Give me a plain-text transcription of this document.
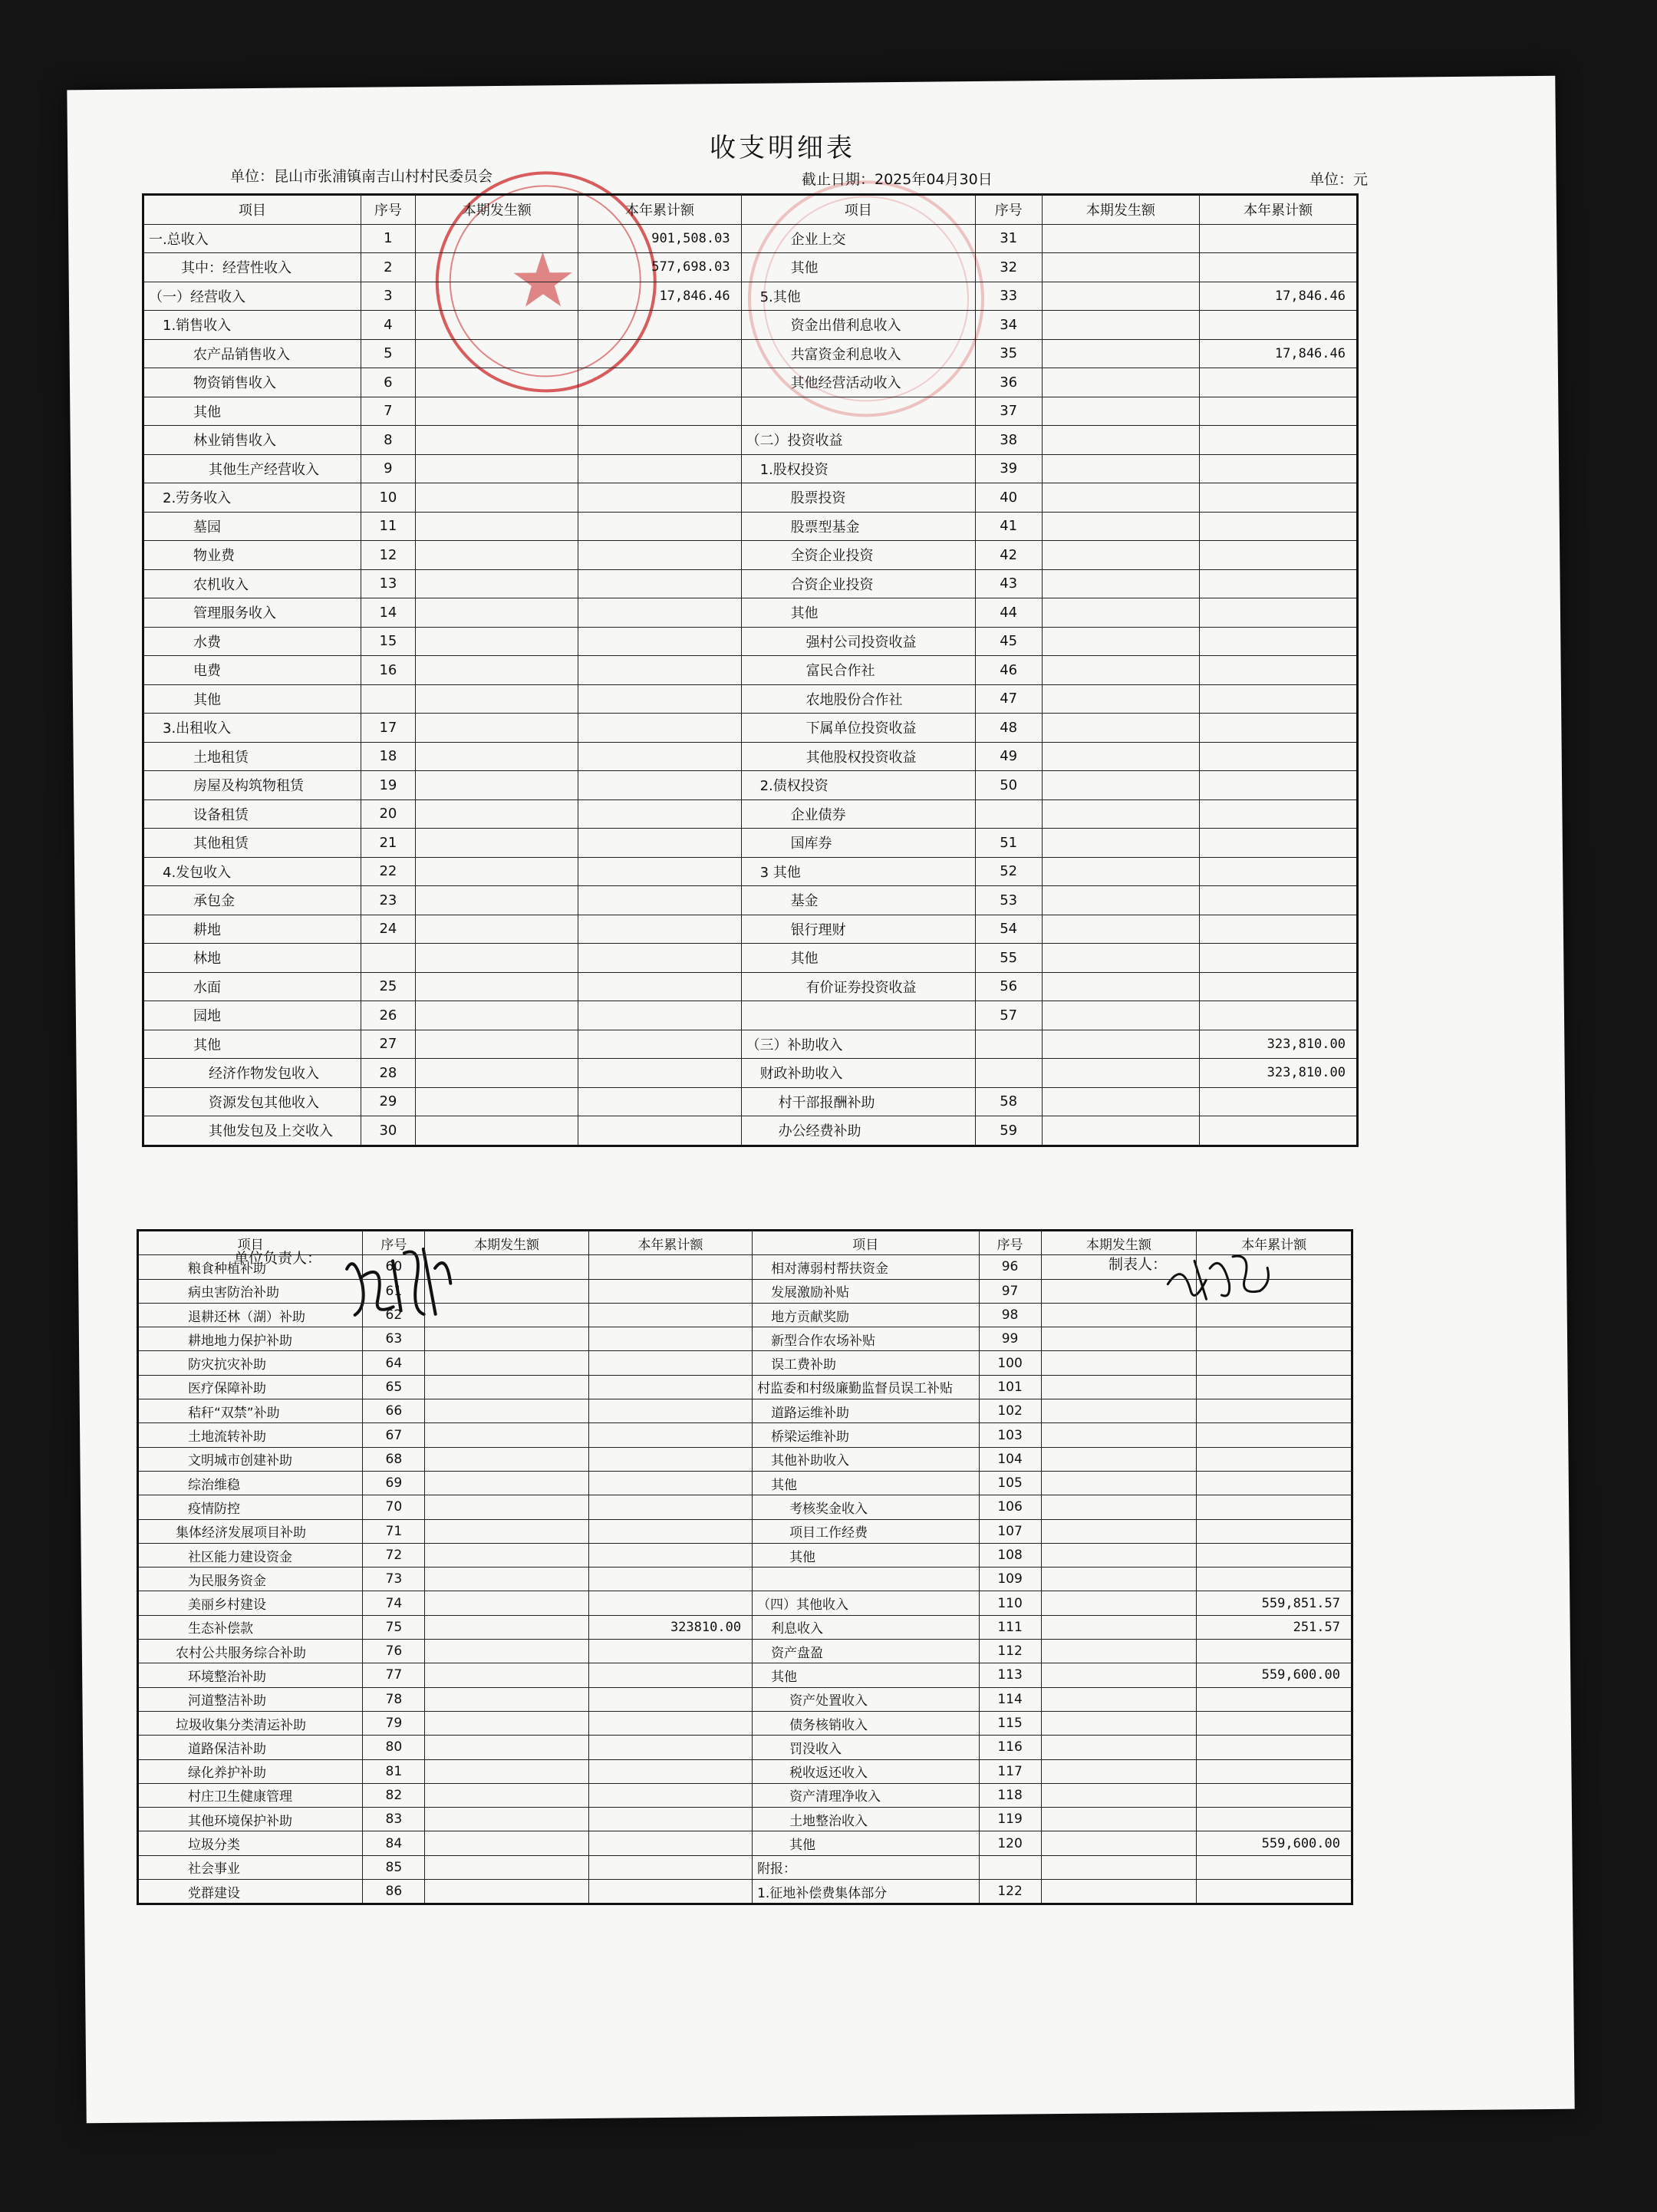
收支明细表
单位：昆山市张浦镇南吉山村村民委员会	截止日期：2025年04月30日	单位：元
项目	序号	本期发生额	本年累计额	项目	序号	本期发生额	本年累计额
一.总收入	1		901,508.03	企业上交	31		
其中：经营性收入	2		577,698.03	其他	32		
（一）经营收入	3		17,846.46	5.其他	33		17,846.46
1.销售收入	4			资金出借利息收入	34		
农产品销售收入	5			共富资金利息收入	35		17,846.46
物资销售收入	6			其他经营活动收入	36		
其他	7				37		
林业销售收入	8			（二）投资收益	38		
其他生产经营收入	9			1.股权投资	39		
2.劳务收入	10			股票投资	40		
墓园	11			股票型基金	41		
物业费	12			全资企业投资	42		
农机收入	13			合资企业投资	43		
管理服务收入	14			其他	44		
水费	15			强村公司投资收益	45		
电费	16			富民合作社	46		
其他				农地股份合作社	47		
3.出租收入	17			下属单位投资收益	48		
土地租赁	18			其他股权投资收益	49		
房屋及构筑物租赁	19			2.债权投资	50		
设备租赁	20			企业债券			
其他租赁	21			国库券	51		
4.发包收入	22			3 其他	52		
承包金	23			基金	53		
耕地	24			银行理财	54		
林地				其他	55		
水面	25			有价证券投资收益	56		
园地	26				57		
其他	27			（三）补助收入			323,810.00
经济作物发包收入	28			财政补助收入			323,810.00
资源发包其他收入	29			村干部报酬补助	58		
其他发包及上交收入	30			办公经费补助	59		
单位负责人：	制表人：
项目	序号	本期发生额	本年累计额	项目	序号	本期发生额	本年累计额
粮食种植补助	60			相对薄弱村帮扶资金	96		
病虫害防治补助	61			发展激励补贴	97		
退耕还林（湖）补助	62			地方贡献奖励	98		
耕地地力保护补助	63			新型合作农场补贴	99		
防灾抗灾补助	64			误工费补助	100		
医疗保障补助	65			村监委和村级廉勤监督员误工补贴	101		
秸秆“双禁”补助	66			道路运维补助	102		
土地流转补助	67			桥梁运维补助	103		
文明城市创建补助	68			其他补助收入	104		
综治维稳	69			其他	105		
疫情防控	70			考核奖金收入	106		
集体经济发展项目补助	71			项目工作经费	107		
社区能力建设资金	72			其他	108		
为民服务资金	73				109		
美丽乡村建设	74			（四）其他收入	110		559,851.57
生态补偿款	75		323810.00	利息收入	111		251.57
农村公共服务综合补助	76			资产盘盈	112		
环境整治补助	77			其他	113		559,600.00
河道整洁补助	78			资产处置收入	114		
垃圾收集分类清运补助	79			债务核销收入	115		
道路保洁补助	80			罚没收入	116		
绿化养护补助	81			税收返还收入	117		
村庄卫生健康管理	82			资产清理净收入	118		
其他环境保护补助	83			土地整治收入	119		
垃圾分类	84			其他	120		559,600.00
社会事业	85			附报：			
党群建设	86			1.征地补偿费集体部分	122		
